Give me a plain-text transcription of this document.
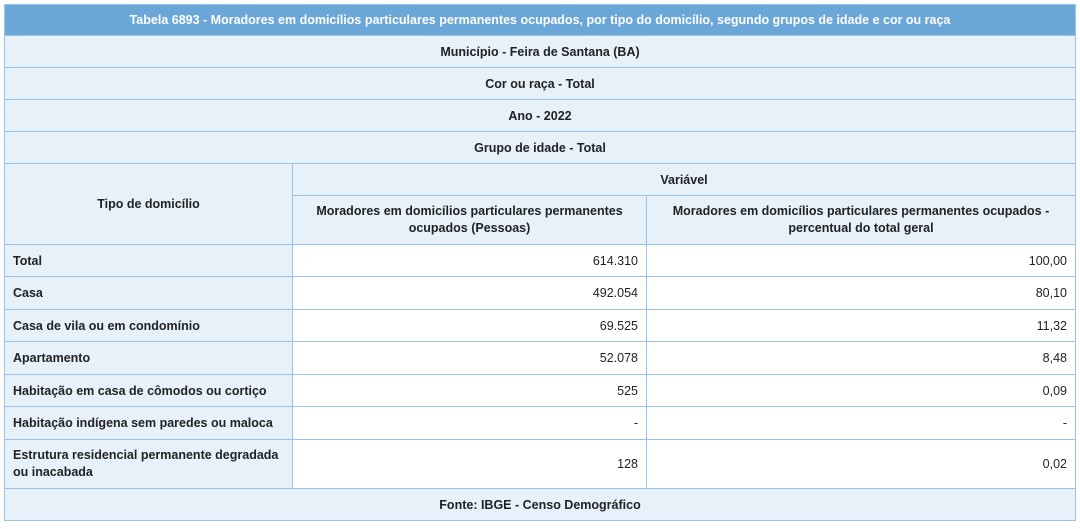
Tabela 6893 - Moradores em domicílios particulares permanentes ocupados, por tipo do domicílio, segundo grupos de idade e cor ou raça		
Município - Feira de Santana (BA)		
Cor ou raça - Total		
Ano - 2022		
Grupo de idade - Total		
Tipo de domicílio	Variável	
	Moradores em domicílios particulares permanentes ocupados (Pessoas)	Moradores em domicílios particulares permanentes ocupados - percentual do total geral
Total	614.310	100,00
Casa	492.054	80,10
Casa de vila ou em condomínio	69.525	11,32
Apartamento	52.078	8,48
Habitação em casa de cômodos ou cortiço	525	0,09
Habitação indígena sem paredes ou maloca	-	-
Estrutura residencial permanente degradada ou inacabada	128	0,02
Fonte: IBGE - Censo Demográfico		
